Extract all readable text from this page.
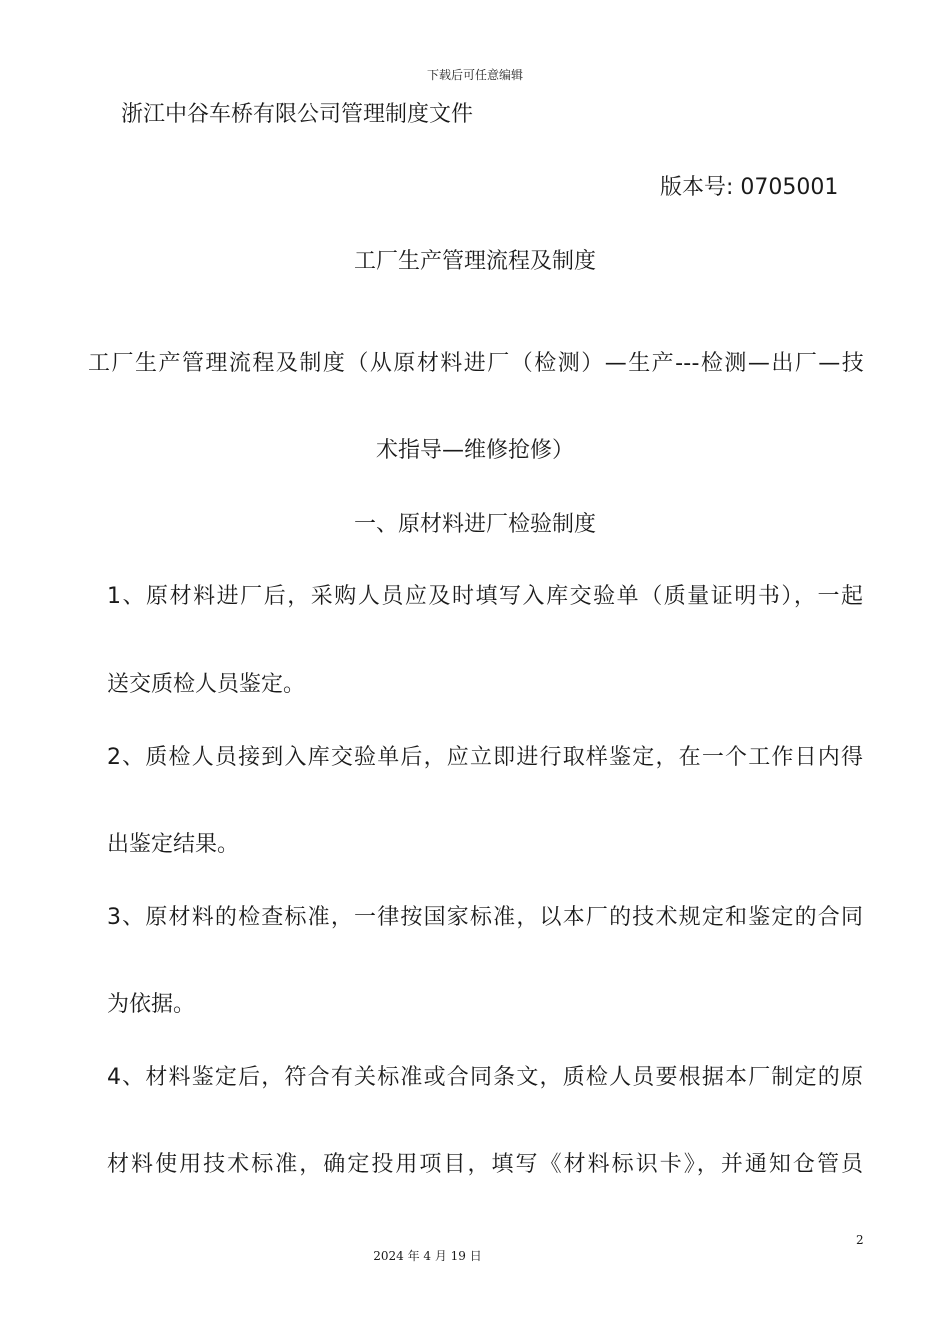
下载后可任意编辑
浙江中谷车桥有限公司管理制度文件
版本号: 0705001
工厂生产管理流程及制度
工厂生产管理流程及制度（从原材料进厂（检测）—生产---检测—出厂—技
术指导—维修抢修）
一、原材料进厂检验制度
1、原材料进厂后，采购人员应及时填写入库交验单（质量证明书），一起
送交质检人员鉴定。
2、质检人员接到入库交验单后，应立即进行取样鉴定，在一个工作日内得
出鉴定结果。
3、原材料的检查标准，一律按国家标准，以本厂的技术规定和鉴定的合同
为依据。
4、材料鉴定后，符合有关标准或合同条文，质检人员要根据本厂制定的原
材料使用技术标准，确定投用项目，填写《材料标识卡》，并通知仓管员
2
2024 年 4 月 19 日
